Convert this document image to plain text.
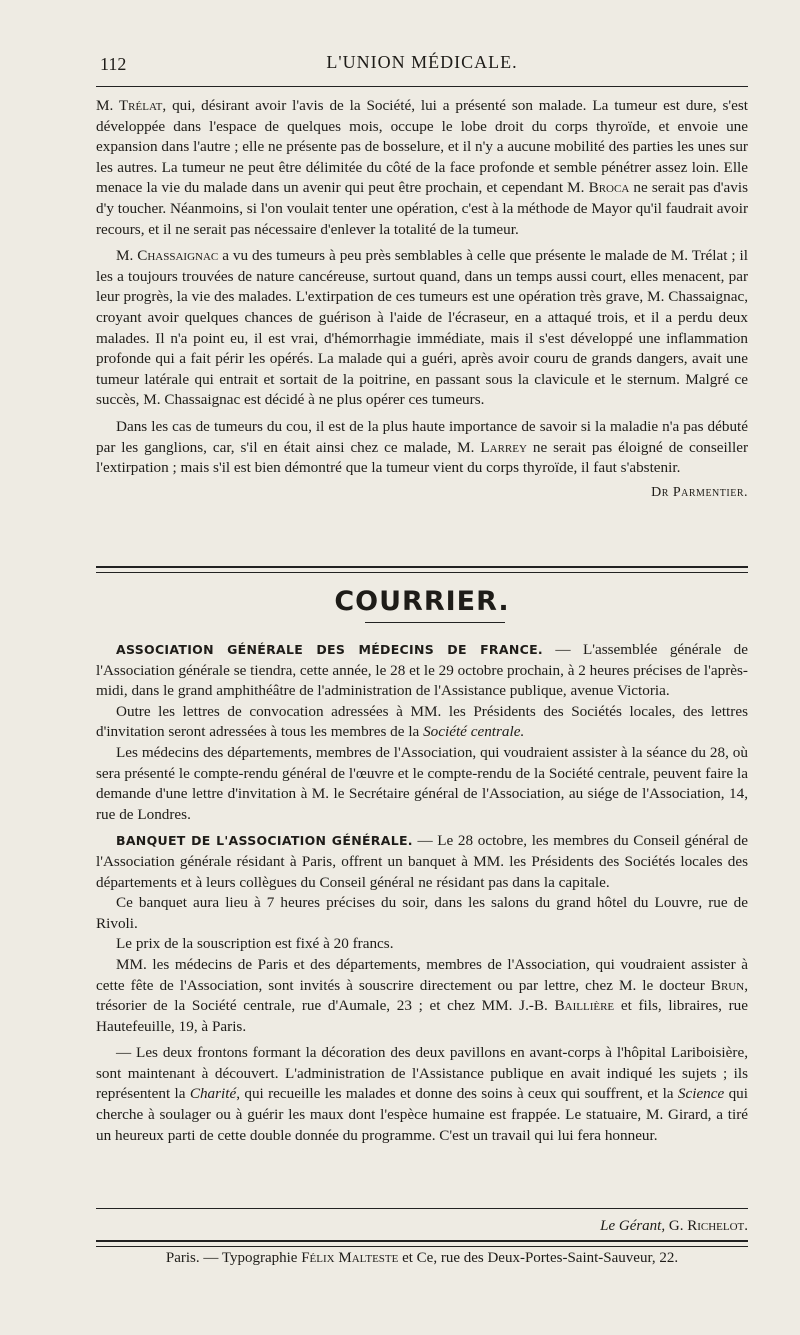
112	L'UNION MÉDICALE.

M. Trélat, qui, désirant avoir l'avis de la Société, lui a présenté son malade. La tumeur est dure, s'est développée dans l'espace de quelques mois, occupe le lobe droit du corps thyroïde, et envoie une expansion dans l'autre ; elle ne présente pas de bosselure, et il n'y a aucune mobilité des parties les unes sur les autres. La tumeur ne peut être délimitée du côté de la face profonde et semble pénétrer assez loin. Elle menace la vie du malade dans un avenir qui peut être prochain, et cependant M. Broca ne serait pas d'avis d'y toucher. Néanmoins, si l'on voulait tenter une opération, c'est à la méthode de Mayor qu'il faudrait avoir recours, et il ne serait pas nécessaire d'enlever la totalité de la tumeur.

M. Chassaignac a vu des tumeurs à peu près semblables à celle que présente le malade de M. Trélat ; il les a toujours trouvées de nature cancéreuse, surtout quand, dans un temps aussi court, elles menacent, par leur progrès, la vie des malades. L'extirpation de ces tumeurs est une opération très grave, M. Chassaignac, croyant avoir quelques chances de guérison à l'aide de l'écraseur, en a attaqué trois, et il a perdu deux malades. Il n'a point eu, il est vrai, d'hémorrhagie immédiate, mais il s'est développé une inflammation profonde qui a fait périr les opérés. La malade qui a guéri, après avoir couru de grands dangers, avait une tumeur latérale qui entrait et sortait de la poitrine, en passant sous la clavicule et le sternum. Malgré ce succès, M. Chassaignac est décidé à ne plus opérer ces tumeurs.

Dans les cas de tumeurs du cou, il est de la plus haute importance de savoir si la maladie n'a pas débuté par les ganglions, car, s'il en était ainsi chez ce malade, M. Larrey ne serait pas éloigné de conseiller l'extirpation ; mais s'il est bien démontré que la tumeur vient du corps thyroïde, il faut s'abstenir.

Dr Parmentier.
COURRIER.

ASSOCIATION GÉNÉRALE DES MÉDECINS DE FRANCE. — L'assemblée générale de l'Association générale se tiendra, cette année, le 28 et le 29 octobre prochain, à 2 heures précises de l'après-midi, dans le grand amphithéâtre de l'administration de l'Assistance publique, avenue Victoria.

Outre les lettres de convocation adressées à MM. les Présidents des Sociétés locales, des lettres d'invitation seront adressées à tous les membres de la Société centrale.

Les médecins des départements, membres de l'Association, qui voudraient assister à la séance du 28, où sera présenté le compte-rendu général de l'œuvre et le compte-rendu de la Société centrale, peuvent faire la demande d'une lettre d'invitation à M. le Secrétaire général de l'Association, au siége de l'Association, 14, rue de Londres.

BANQUET DE L'ASSOCIATION GÉNÉRALE. — Le 28 octobre, les membres du Conseil général de l'Association générale résidant à Paris, offrent un banquet à MM. les Présidents des Sociétés locales des départements et à leurs collègues du Conseil général ne résidant pas dans la capitale.

Ce banquet aura lieu à 7 heures précises du soir, dans les salons du grand hôtel du Louvre, rue de Rivoli.

Le prix de la souscription est fixé à 20 francs.

MM. les médecins de Paris et des départements, membres de l'Association, qui voudraient assister à cette fête de l'Association, sont invités à souscrire directement ou par lettre, chez M. le docteur Brun, trésorier de la Société centrale, rue d'Aumale, 23 ; et chez MM. J.-B. Baillière et fils, libraires, rue Hautefeuille, 19, à Paris.

— Les deux frontons formant la décoration des deux pavillons en avant-corps à l'hôpital Lariboisière, sont maintenant à découvert. L'administration de l'Assistance publique en avait indiqué les sujets ; ils représentent la Charité, qui recueille les malades et donne des soins à ceux qui souffrent, et la Science qui cherche à soulager ou à guérir les maux dont l'espèce humaine est frappée. Le statuaire, M. Girard, a tiré un heureux parti de cette double donnée du programme. C'est un travail qui lui fera honneur.

Le Gérant, G. Richelot.
Paris. — Typographie Félix Malteste et Ce, rue des Deux-Portes-Saint-Sauveur, 22.
